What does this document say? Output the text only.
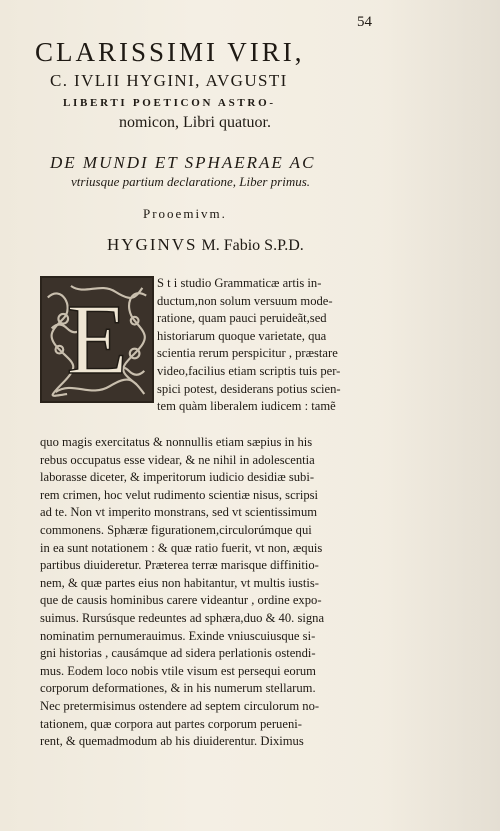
54
CLARISSIMI VIRI,
C. IVLII HYGINI, AVGUSTI
LIBERTI POETICON ASTRO-
nomicon, Libri quatuor.
DE MUNDI ET SPHAERAE AC
vtriusque partium declaratione, Liber primus.
Prooemivm.
HYGINVS M. Fabio S.P.D.
E
S t i studio Grammaticæ artis in-
ductum,non solum versuum mode-
ratione, quam pauci peruideãt,sed
historiarum quoque varietate, qua
scientia rerum perspicitur , præstare
video,facilius etiam scriptis tuis per-
spici potest, desiderans potius scien-
tem quàm liberalem iudicem : tamẽ
quo magis exercitatus & nonnullis etiam sæpius in his
rebus occupatus esse videar, & ne nihil in adolescentia
laborasse diceter, & imperitorum iudicio desidiæ subi-
rem crimen, hoc velut rudimento scientiæ nisus, scripsi
ad te. Non vt imperito monstrans, sed vt scientissimum
commonens. Sphæræ figurationem,circulorúmque qui
in ea sunt notationem : & quæ ratio fuerit, vt non, æquis
partibus diuideretur. Præterea terræ marisque diffinitio-
nem, & quæ partes eius non habitantur, vt multis iustis-
que de causis hominibus carere videantur , ordine expo-
suimus. Rursúsque redeuntes ad sphæra,duo & 40. signa
nominatim pernumerauimus. Exinde vniuscuiusque si-
gni historias , causámque ad sidera perlationis ostendi-
mus. Eodem loco nobis vtile visum est persequi eorum
corporum deformationes, & in his numerum stellarum.
Nec pretermisimus ostendere ad septem circulorum no-
tationem, quæ corpora aut partes corporum perueni-
rent, & quemadmodum ab his diuiderentur. Diximus
